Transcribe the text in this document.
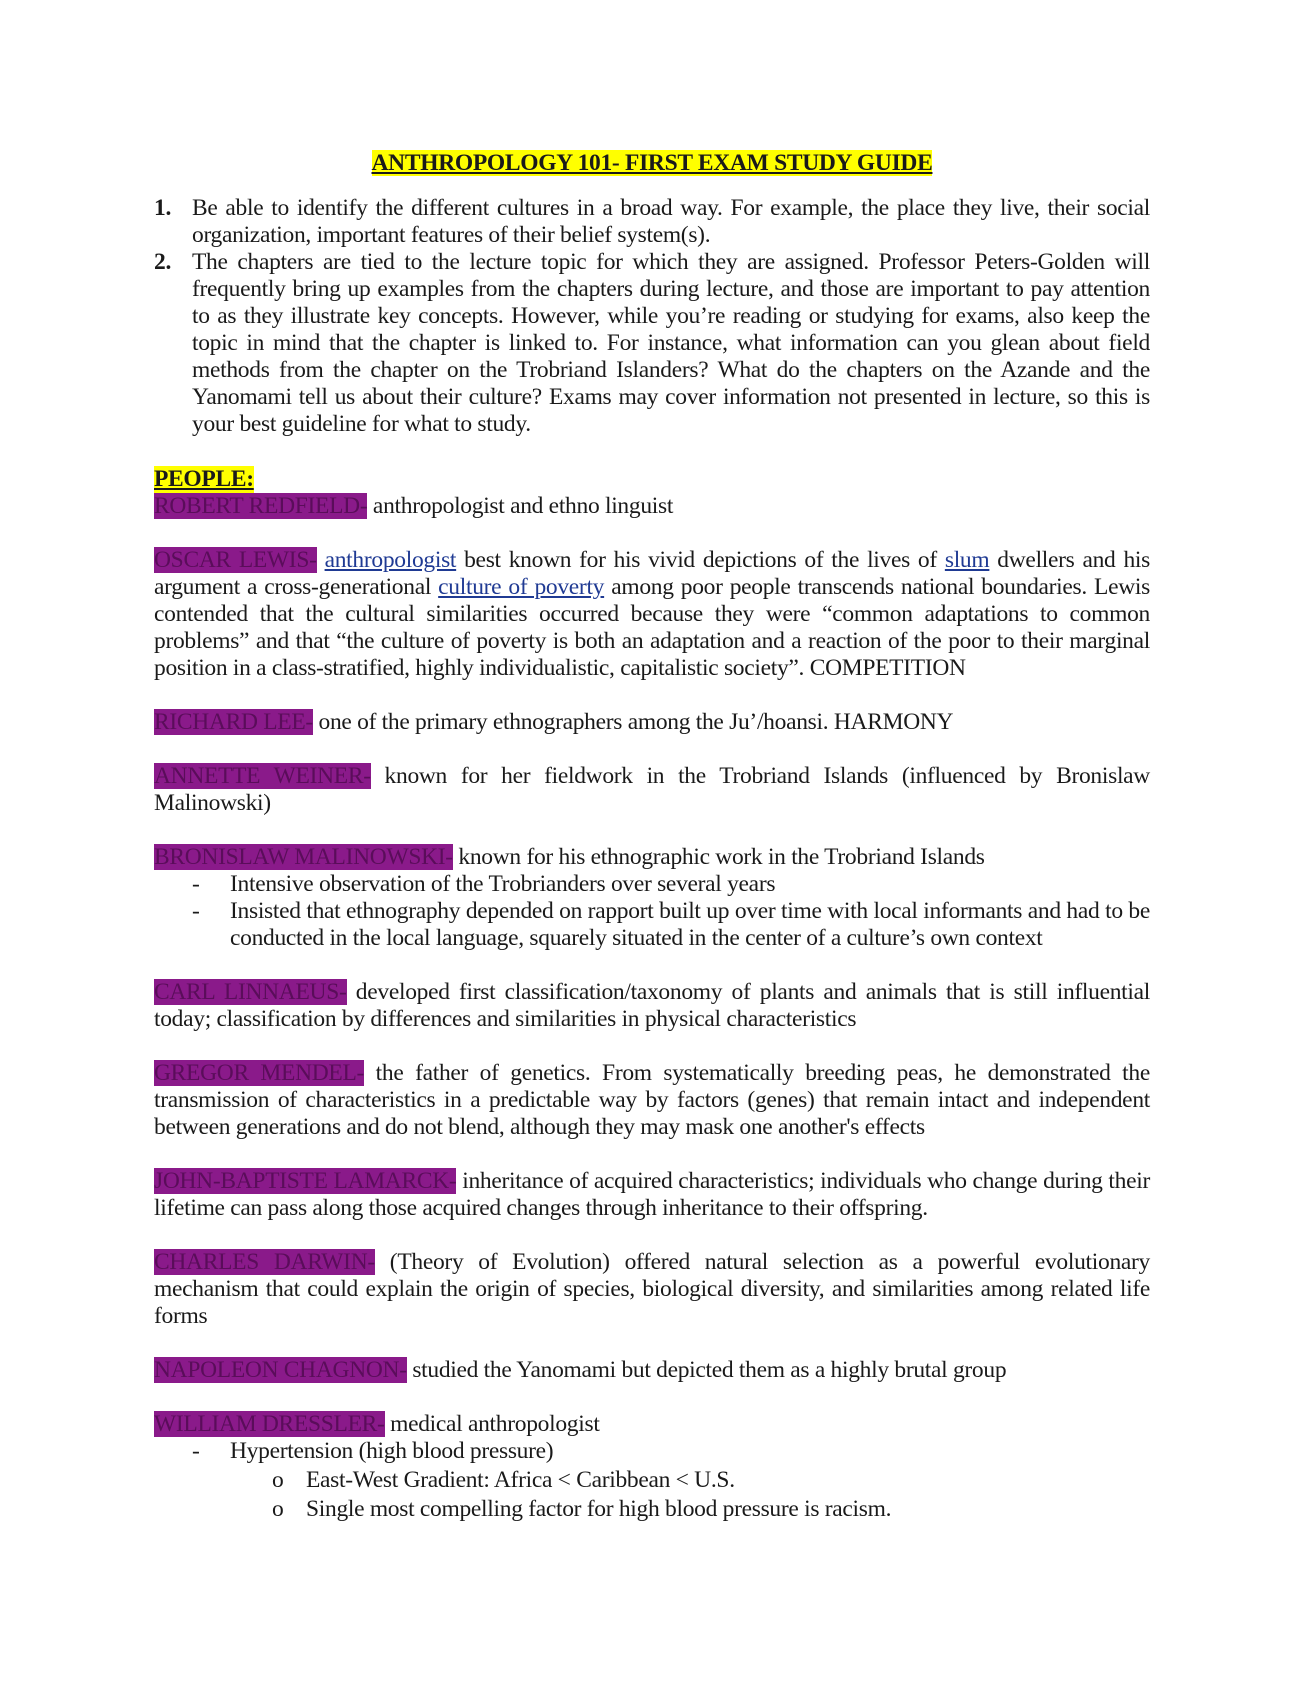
ANTHROPOLOGY 101- FIRST EXAM STUDY GUIDE
1. Be able to identify the different cultures in a broad way. For example, the place they live, their social organization, important features of their belief system(s).
2. The chapters are tied to the lecture topic for which they are assigned. Professor Peters-Golden will frequently bring up examples from the chapters during lecture, and those are important to pay attention to as they illustrate key concepts. However, while you’re reading or studying for exams, also keep the topic in mind that the chapter is linked to. For instance, what information can you glean about field methods from the chapter on the Trobriand Islanders? What do the chapters on the Azande and the Yanomami tell us about their culture? Exams may cover information not presented in lecture, so this is your best guideline for what to study.
PEOPLE:

ROBERT REDFIELD- anthropologist and ethno linguist

OSCAR LEWIS- anthropologist best known for his vivid depictions of the lives of slum dwellers and his argument a cross-generational culture of poverty among poor people transcends national boundaries. Lewis contended that the cultural similarities occurred because they were “common adaptations to common problems” and that “the culture of poverty is both an adaptation and a reaction of the poor to their marginal position in a class-stratified, highly individualistic, capitalistic society”. COMPETITION

RICHARD LEE- one of the primary ethnographers among the Ju’/hoansi. HARMONY

ANNETTE WEINER- known for her fieldwork in the Trobriand Islands (influenced by Bronislaw Malinowski)

BRONISLAW MALINOWSKI- known for his ethnographic work in the Trobriand Islands
- Intensive observation of the Trobrianders over several years
- Insisted that ethnography depended on rapport built up over time with local informants and had to be conducted in the local language, squarely situated in the center of a culture’s own context

CARL LINNAEUS- developed first classification/taxonomy of plants and animals that is still influential today; classification by differences and similarities in physical characteristics

GREGOR MENDEL- the father of genetics. From systematically breeding peas, he demonstrated the transmission of characteristics in a predictable way by factors (genes) that remain intact and independent between generations and do not blend, although they may mask one another's effects

JOHN-BAPTISTE LAMARCK- inheritance of acquired characteristics; individuals who change during their lifetime can pass along those acquired changes through inheritance to their offspring.

CHARLES DARWIN- (Theory of Evolution) offered natural selection as a powerful evolutionary mechanism that could explain the origin of species, biological diversity, and similarities among related life forms

NAPOLEON CHAGNON- studied the Yanomami but depicted them as a highly brutal group

WILLIAM DRESSLER- medical anthropologist
- Hypertension (high blood pressure)
o East-West Gradient: Africa < Caribbean < U.S.
o Single most compelling factor for high blood pressure is racism.
